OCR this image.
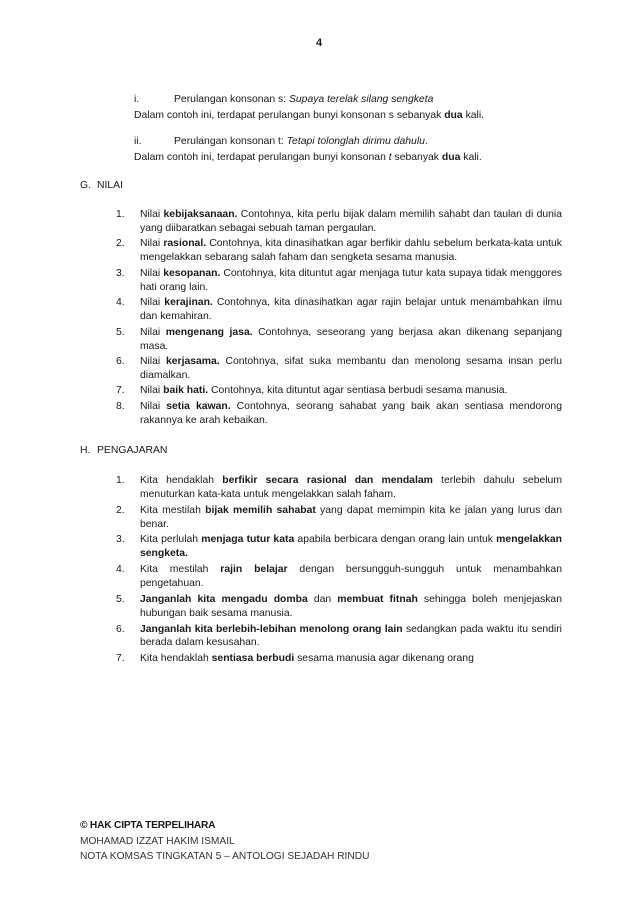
4
i.	Perulangan konsonan s: Supaya terelak silang sengketa
Dalam contoh ini, terdapat perulangan bunyi konsonan s sebanyak dua kali.
ii.	Perulangan konsonan t: Tetapi tolonglah dirimu dahulu.
Dalam contoh ini, terdapat perulangan bunyi konsonan t sebanyak dua kali.
G. NILAI
1. Nilai kebijaksanaan. Contohnya, kita perlu bijak dalam memilih sahabt dan taulan di dunia yang diibaratkan sebagai sebuah taman pergaulan.
2. Nilai rasional. Contohnya, kita dinasihatkan agar berfikir dahlu sebelum berkata-kata untuk mengelakkan sebarang salah faham dan sengketa sesama manusia.
3. Nilai kesopanan. Contohnya, kita dituntut agar menjaga tutur kata supaya tidak menggores hati orang lain.
4. Nilai kerajinan. Contohnya, kita dinasihatkan agar rajin belajar untuk menambahkan ilmu dan kemahiran.
5. Nilai mengenang jasa. Contohnya, seseorang yang berjasa akan dikenang sepanjang masa.
6. Nilai kerjasama. Contohnya, sifat suka membantu dan menolong sesama insan perlu diamalkan.
7. Nilai baik hati. Contohnya, kita dituntut agar sentiasa berbudi sesama manusia.
8. Nilai setia kawan. Contohnya, seorang sahabat yang baik akan sentiasa mendorong rakannya ke arah kebaikan.
H. PENGAJARAN
1. Kita hendaklah berfikir secara rasional dan mendalam terlebih dahulu sebelum menuturkan kata-kata untuk mengelakkan salah faham.
2. Kita mestilah bijak memilih sahabat yang dapat memimpin kita ke jalan yang lurus dan benar.
3. Kita perlulah menjaga tutur kata apabila berbicara dengan orang lain untuk mengelakkan sengketa.
4. Kita mestilah rajin belajar dengan bersungguh-sungguh untuk menambahkan pengetahuan.
5. Janganlah kita mengadu domba dan membuat fitnah sehingga boleh menjejaskan hubungan baik sesama manusia.
6. Janganlah kita berlebih-lebihan menolong orang lain sedangkan pada waktu itu sendiri berada dalam kesusahan.
7. Kita hendaklah sentiasa berbudi sesama manusia agar dikenang orang
© HAK CIPTA TERPELIHARA
MOHAMAD IZZAT HAKIM ISMAIL
NOTA KOMSAS TINGKATAN 5 – ANTOLOGI SEJADAH RINDU
